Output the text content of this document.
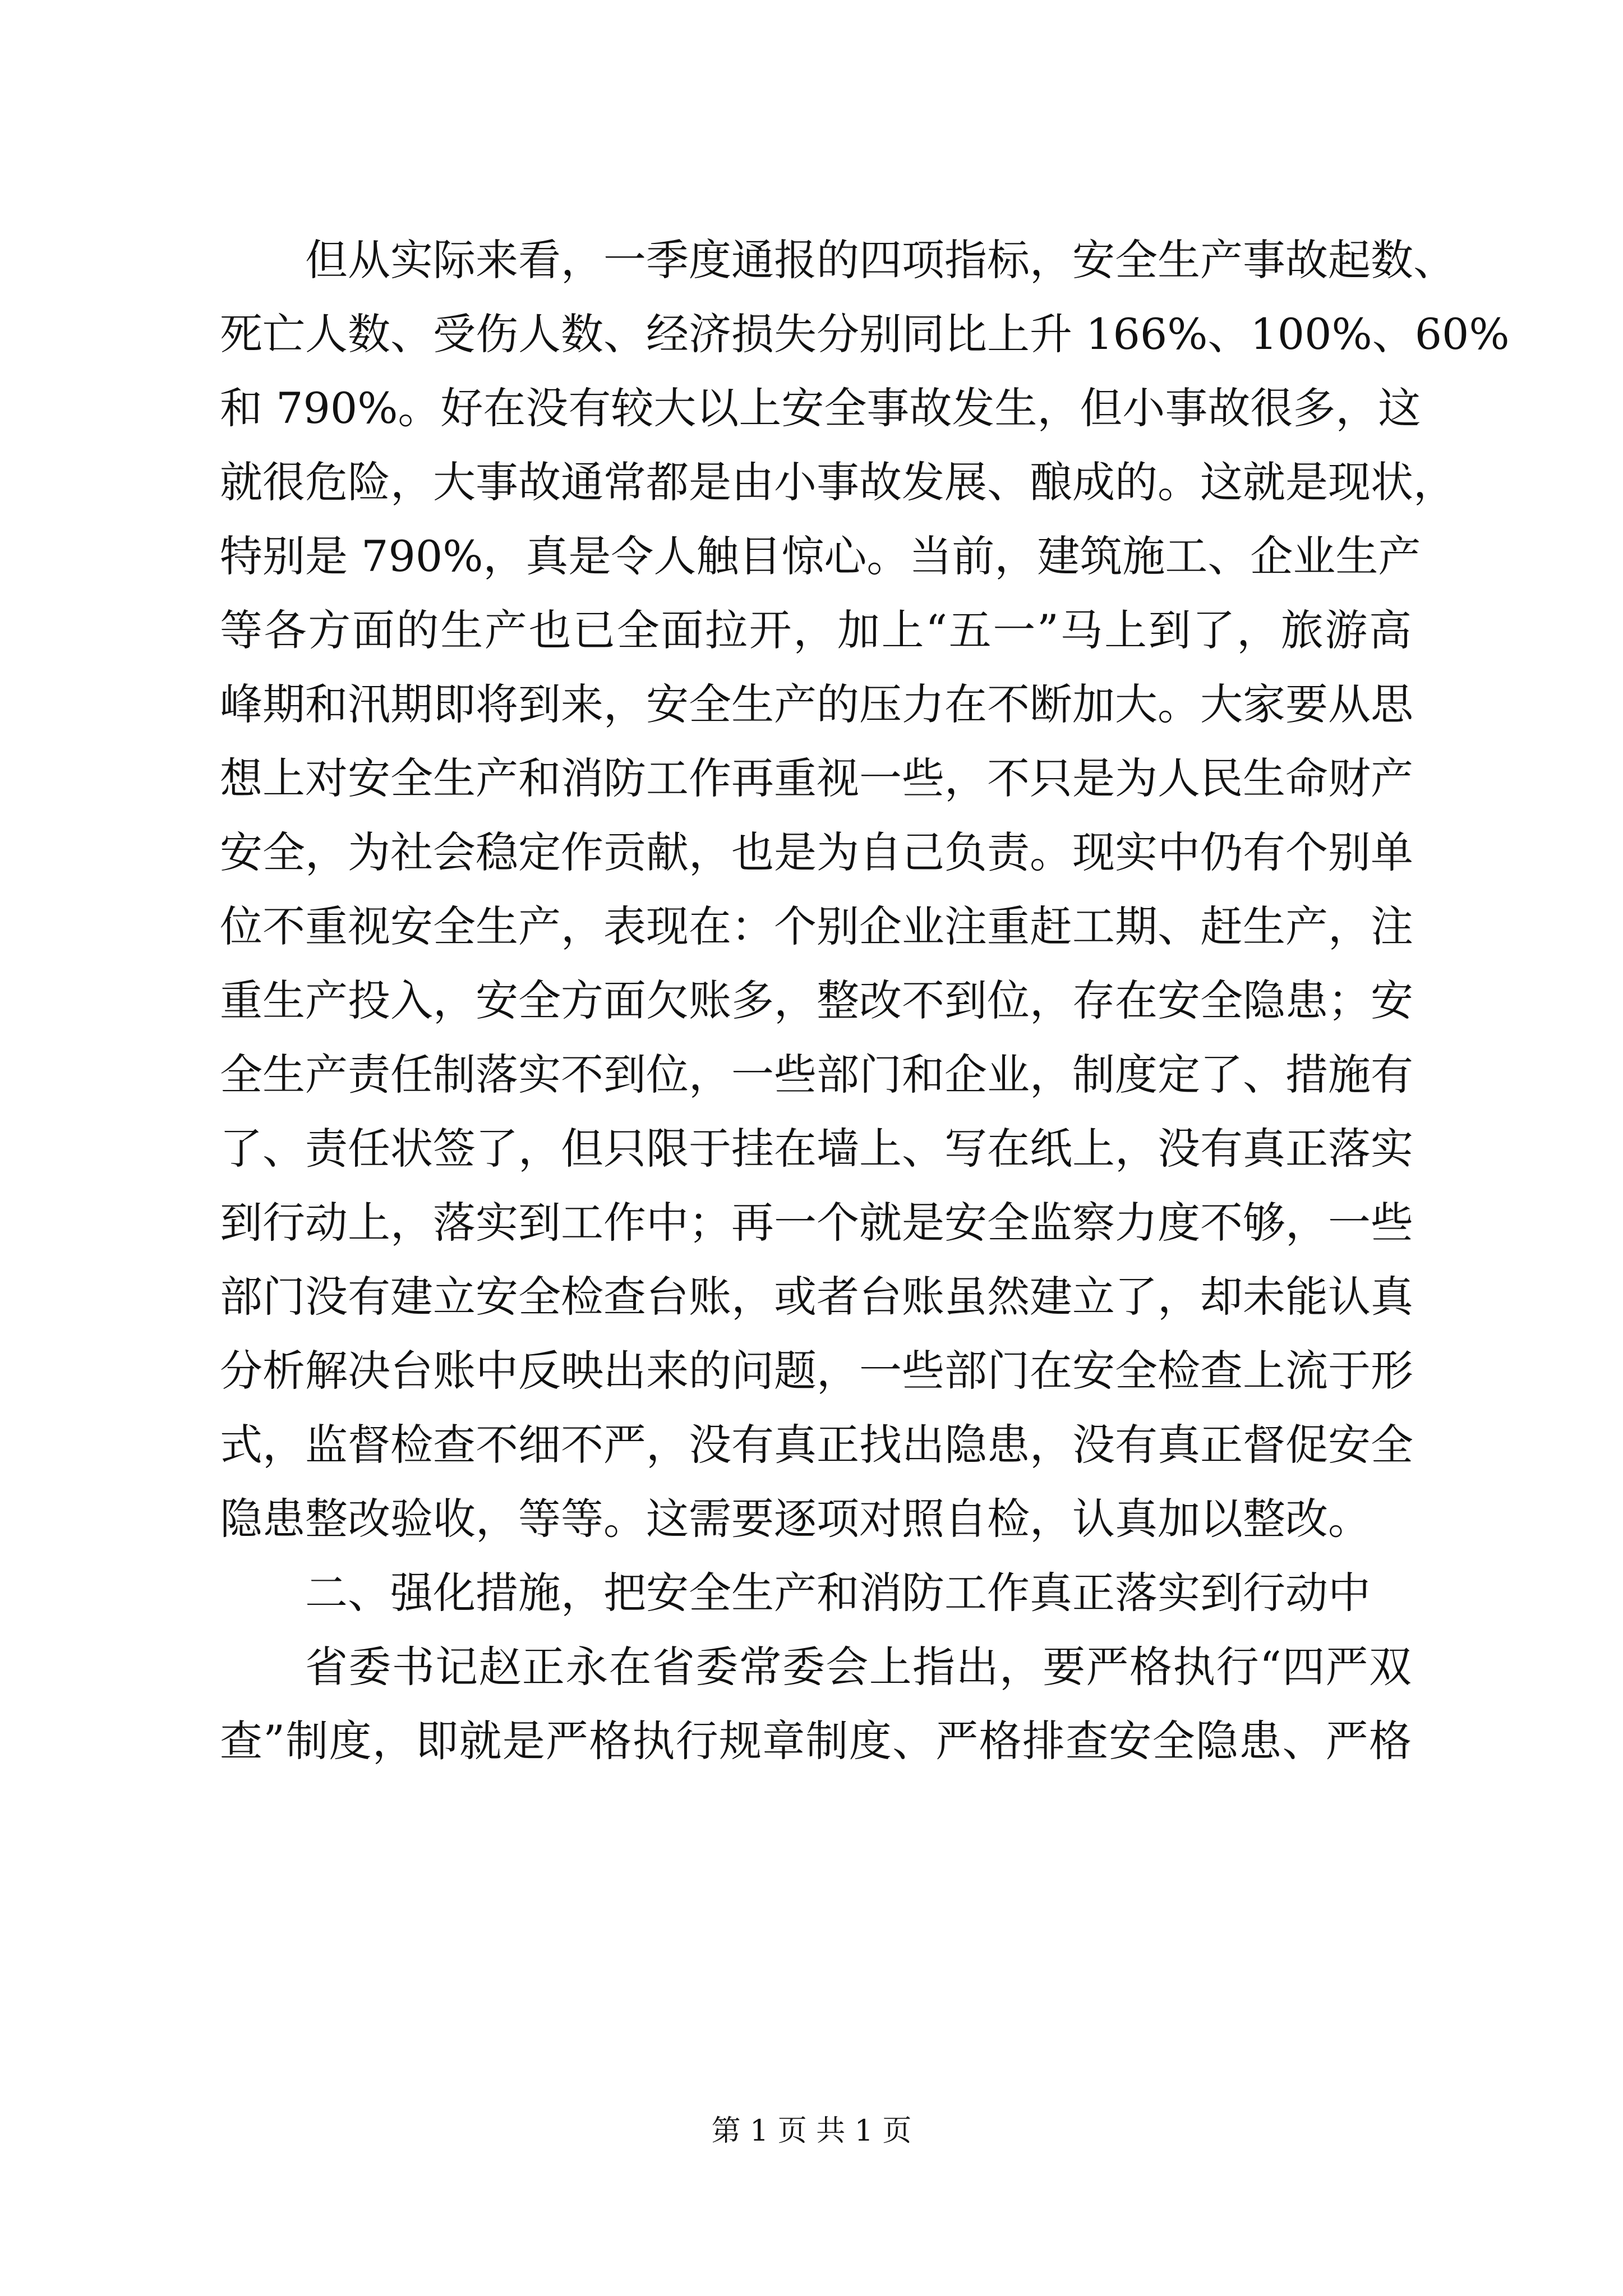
但从实际来看，一季度通报的四项指标，安全生产事故起数、
死亡人数、受伤人数、经济损失分别同比上升 166%、100%、60%
和 790%。好在没有较大以上安全事故发生，但小事故很多，这
就很危险，大事故通常都是由小事故发展、酿成的。这就是现状，
特别是 790%，真是令人触目惊心。当前，建筑施工、企业生产
等各方面的生产也已全面拉开，加上“五一”马上到了，旅游高
峰期和汛期即将到来，安全生产的压力在不断加大。大家要从思
想上对安全生产和消防工作再重视一些，不只是为人民生命财产
安全，为社会稳定作贡献，也是为自己负责。现实中仍有个别单
位不重视安全生产，表现在：个别企业注重赶工期、赶生产，注
重生产投入，安全方面欠账多，整改不到位，存在安全隐患；安
全生产责任制落实不到位，一些部门和企业，制度定了、措施有
了、责任状签了，但只限于挂在墙上、写在纸上，没有真正落实
到行动上，落实到工作中；再一个就是安全监察力度不够，一些
部门没有建立安全检查台账，或者台账虽然建立了，却未能认真
分析解决台账中反映出来的问题，一些部门在安全检查上流于形
式，监督检查不细不严，没有真正找出隐患，没有真正督促安全
隐患整改验收，等等。这需要逐项对照自检，认真加以整改。
二、强化措施，把安全生产和消防工作真正落实到行动中
省委书记赵正永在省委常委会上指出，要严格执行“四严双
查”制度，即就是严格执行规章制度、严格排查安全隐患、严格
第 1 页 共 1 页
